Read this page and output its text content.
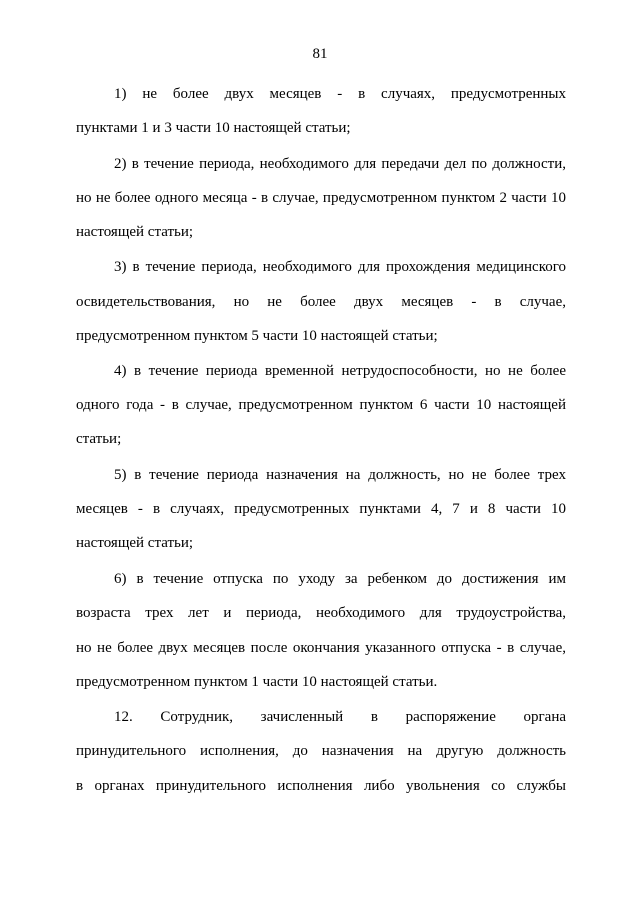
81
1) не более двух месяцев - в случаях, предусмотренных
пунктами 1 и 3 части 10 настоящей статьи;
2) в течение периода, необходимого для передачи дел по должности,
но не более одного месяца - в случае, предусмотренном пунктом 2 части 10
настоящей статьи;
3) в течение периода, необходимого для прохождения медицинского
освидетельствования, но не более двух месяцев - в случае,
предусмотренном пунктом 5 части 10 настоящей статьи;
4) в течение периода временной нетрудоспособности, но не более
одного года - в случае, предусмотренном пунктом 6 части 10 настоящей
статьи;
5) в течение периода назначения на должность, но не более трех
месяцев - в случаях, предусмотренных пунктами 4, 7 и 8 части 10
настоящей статьи;
6) в течение отпуска по уходу за ребенком до достижения им
возраста трех лет и периода, необходимого для трудоустройства,
но не более двух месяцев после окончания указанного отпуска - в случае,
предусмотренном пунктом 1 части 10 настоящей статьи.
12. Сотрудник, зачисленный в распоряжение органа
принудительного исполнения, до назначения на другую должность
в органах принудительного исполнения либо увольнения со службы
